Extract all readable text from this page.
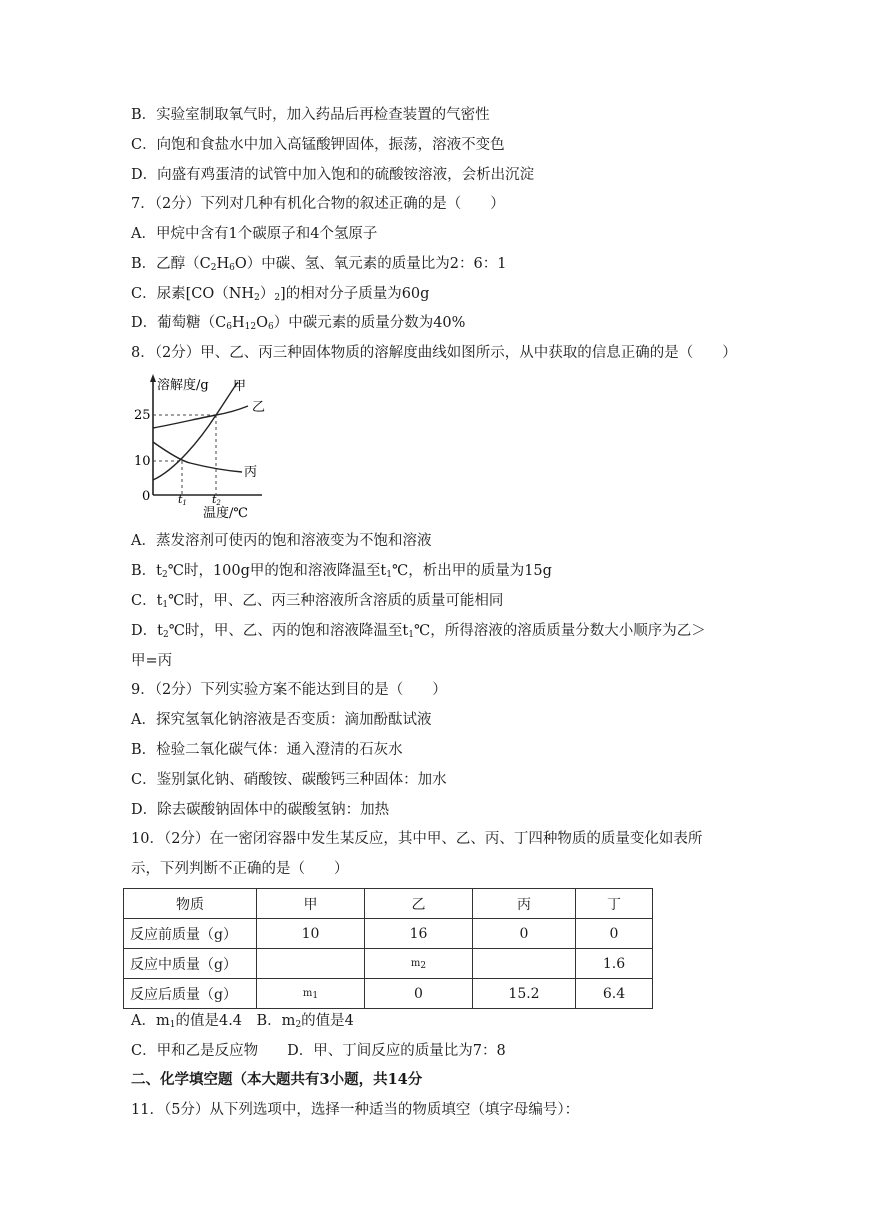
B．实验室制取氧气时，加入药品后再检查装置的气密性
C．向饱和食盐水中加入高锰酸钾固体，振荡，溶液不变色
D．向盛有鸡蛋清的试管中加入饱和的硫酸铵溶液，会析出沉淀
7．（2分）下列对几种有机化合物的叙述正确的是（　　）
A．甲烷中含有1个碳原子和4个氢原子
B．乙醇$(C_2H_6O)$中碳、氢、氧元素的质量比为2：6：1
C．尿素$[CO(NH_2)_2]$的相对分子质量为60g
D．葡萄糖$(C_6H_{12}O_6)$中碳元素的质量分数为40%
8．（2分）甲、乙、丙三种固体物质的溶解度曲线如图所示，从中获取的信息正确的是（　　）
溶解度/g 甲
乙
丙
25
10
0	t1 t2
温度/℃
A．蒸发溶剂可使丙的饱和溶液变为不饱和溶液
B．$t_2℃$时，100g甲的饱和溶液降温至$t_1℃$，析出甲的质量为15g
C．$t_1℃$时，甲、乙、丙三种溶液所含溶质的质量可能相同
D．$t_2℃$时，甲、乙、丙的饱和溶液降温至$t_1℃$，所得溶液的溶质质量分数大小顺序为乙＞
甲=丙
9．（2分）下列实验方案不能达到目的是（　　）
A．探究氢氧化钠溶液是否变质：滴加酚酞试液
B．检验二氧化碳气体：通入澄清的石灰水
C．鉴别氯化钠、硝酸铵、碳酸钙三种固体：加水
D．除去碳酸钠固体中的碳酸氢钠：加热
10．（2分）在一密闭容器中发生某反应，其中甲、乙、丙、丁四种物质的质量变化如表所
示，下列判断不正确的是（　　）
物质	甲	乙	丙	丁
反应前质量（g）	10	16	0	0
反应中质量（g）		$m_2$		1.6
反应后质量（g）	$m_1$	0	15.2	6.4
A．$m_1$的值是4.4　B．$m_2$的值是4
C．甲和乙是反应物　　D．甲、丁间反应的质量比为7：8
二、化学填空题（本大题共有3小题，共14分
11．（5分）从下列选项中，选择一种适当的物质填空（填字母编号）：
